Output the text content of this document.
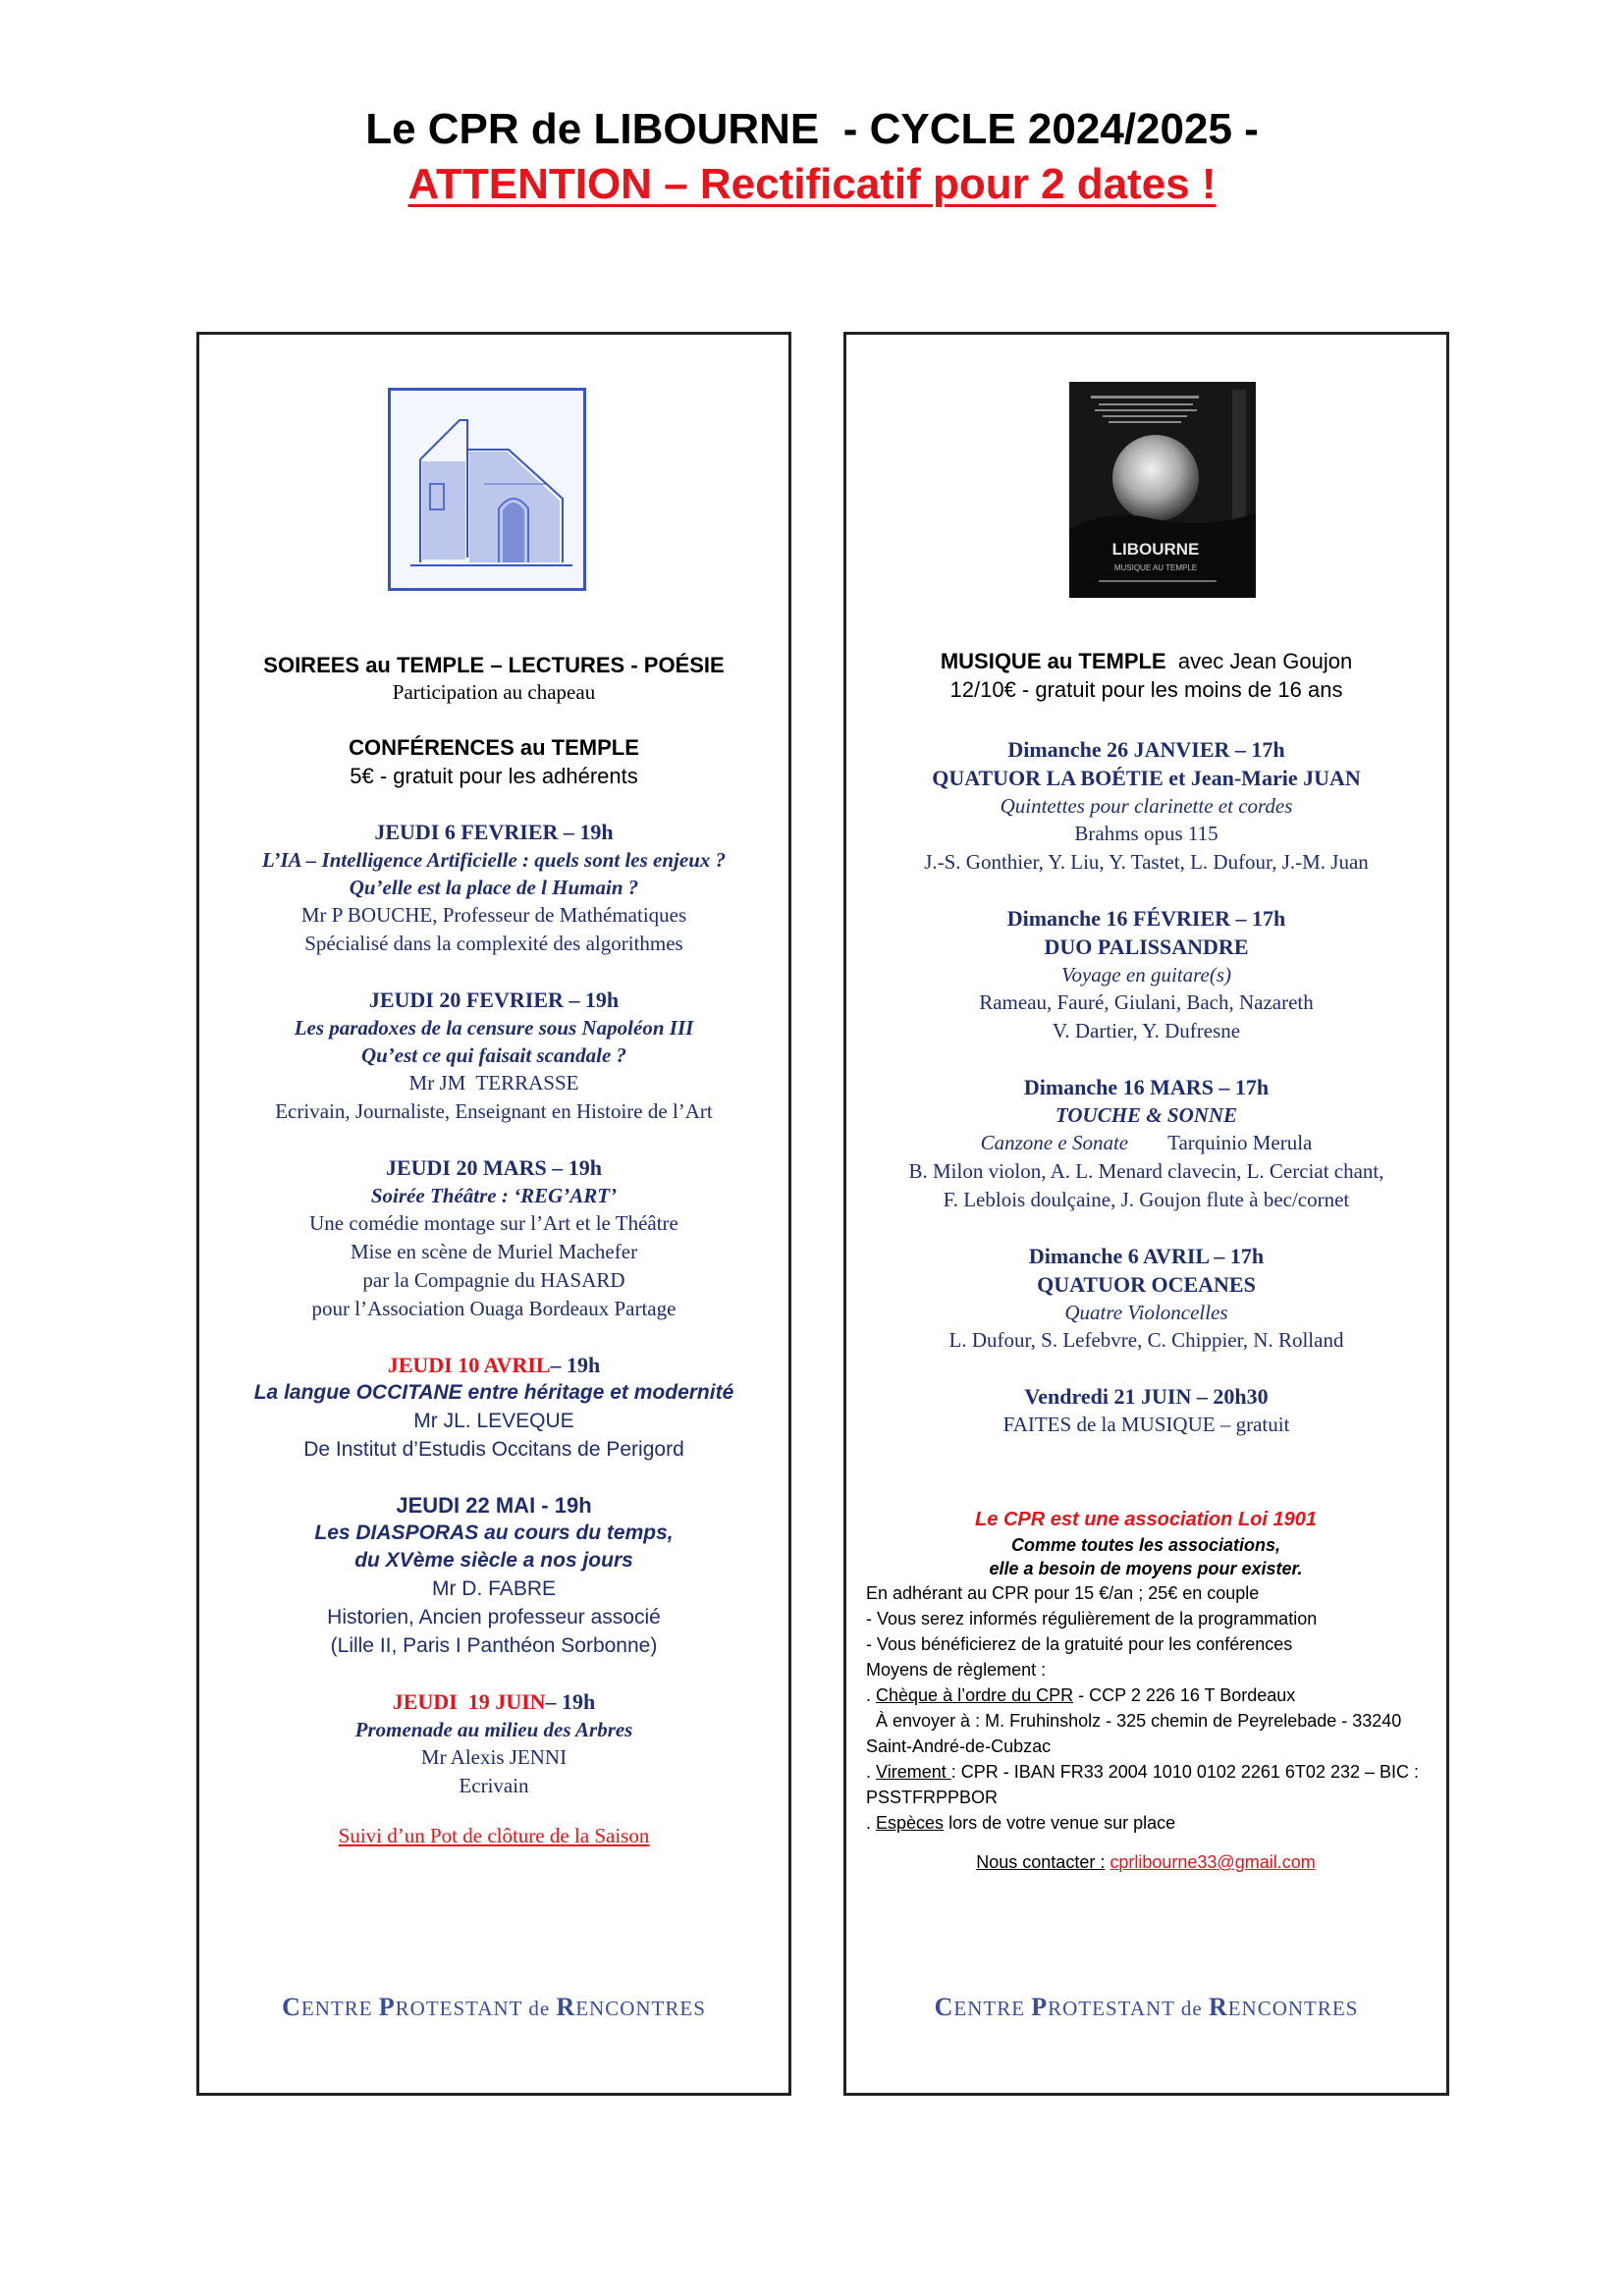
Le CPR de LIBOURNE  - CYCLE 2024/2025 -
ATTENTION – Rectificatif pour 2 dates !
SOIREES au TEMPLE – LECTURES - POÉSIE
Participation au chapeau
CONFÉRENCES au TEMPLE
5€ - gratuit pour les adhérents
JEUDI 6 FEVRIER – 19h
L’IA – Intelligence Artificielle : quels sont les enjeux ?
Qu’elle est la place de l Humain ?
Mr P BOUCHE, Professeur de Mathématiques
Spécialisé dans la complexité des algorithmes
JEUDI 20 FEVRIER – 19h
Les paradoxes de la censure sous Napoléon III
Qu’est ce qui faisait scandale ?
Mr JM  TERRASSE
Ecrivain, Journaliste, Enseignant en Histoire de l’Art
JEUDI 20 MARS – 19h
Soirée Théâtre : ‘REG’ART’
Une comédie montage sur l’Art et le Théâtre
Mise en scène de Muriel Machefer
par la Compagnie du HASARD
pour l’Association Ouaga Bordeaux Partage
JEUDI 10 AVRIL– 19h
La langue OCCITANE entre héritage et modernité
Mr JL. LEVEQUE
De Institut d’Estudis Occitans de Perigord
JEUDI 22 MAI - 19h
Les DIASPORAS au cours du temps,
du XVème siècle a nos jours
Mr D. FABRE
Historien, Ancien professeur associé
(Lille II, Paris I Panthéon Sorbonne)
JEUDI  19 JUIN– 19h
Promenade au milieu des Arbres
Mr Alexis JENNI
Ecrivain
Suivi d’un Pot de clôture de la Saison
CENTRE PROTESTANT de RENCONTRES
LIBOURNE
MUSIQUE AU TEMPLE
MUSIQUE au TEMPLE  avec Jean Goujon
12/10€ - gratuit pour les moins de 16 ans
Dimanche 26 JANVIER – 17h
QUATUOR LA BOÉTIE et Jean-Marie JUAN
Quintettes pour clarinette et cordes
Brahms opus 115
J.-S. Gonthier, Y. Liu, Y. Tastet, L. Dufour, J.-M. Juan
Dimanche 16 FÉVRIER – 17h
DUO PALISSANDRE
Voyage en guitare(s)
Rameau, Fauré, Giulani, Bach, Nazareth
V. Dartier, Y. Dufresne
Dimanche 16 MARS – 17h
TOUCHE & SONNE
Canzone e Sonate Tarquinio Merula
B. Milon violon, A. L. Menard clavecin, L. Cerciat chant,
F. Leblois doulçaine, J. Goujon flute à bec/cornet
Dimanche 6 AVRIL – 17h
QUATUOR OCEANES
Quatre Violoncelles
L. Dufour, S. Lefebvre, C. Chippier, N. Rolland
Vendredi 21 JUIN – 20h30
FAITES de la MUSIQUE – gratuit
Le CPR est une association Loi 1901
Comme toutes les associations,
elle a besoin de moyens pour exister.
En adhérant au CPR pour 15 €/an ; 25€ en couple
- Vous serez informés régulièrement de la programmation
- Vous bénéficierez de la gratuité pour les conférences
Moyens de règlement :
. Chèque à l’ordre du CPR - CCP 2 226 16 T Bordeaux
À envoyer à : M. Fruhinsholz - 325 chemin de Peyrelebade - 33240 Saint-André-de-Cubzac
. Virement : CPR - IBAN FR33 2004 1010 0102 2261 6T02 232 – BIC : PSSTFRPPBOR
. Espèces lors de votre venue sur place
Nous contacter : cprlibourne33@gmail.com
CENTRE PROTESTANT de RENCONTRES
